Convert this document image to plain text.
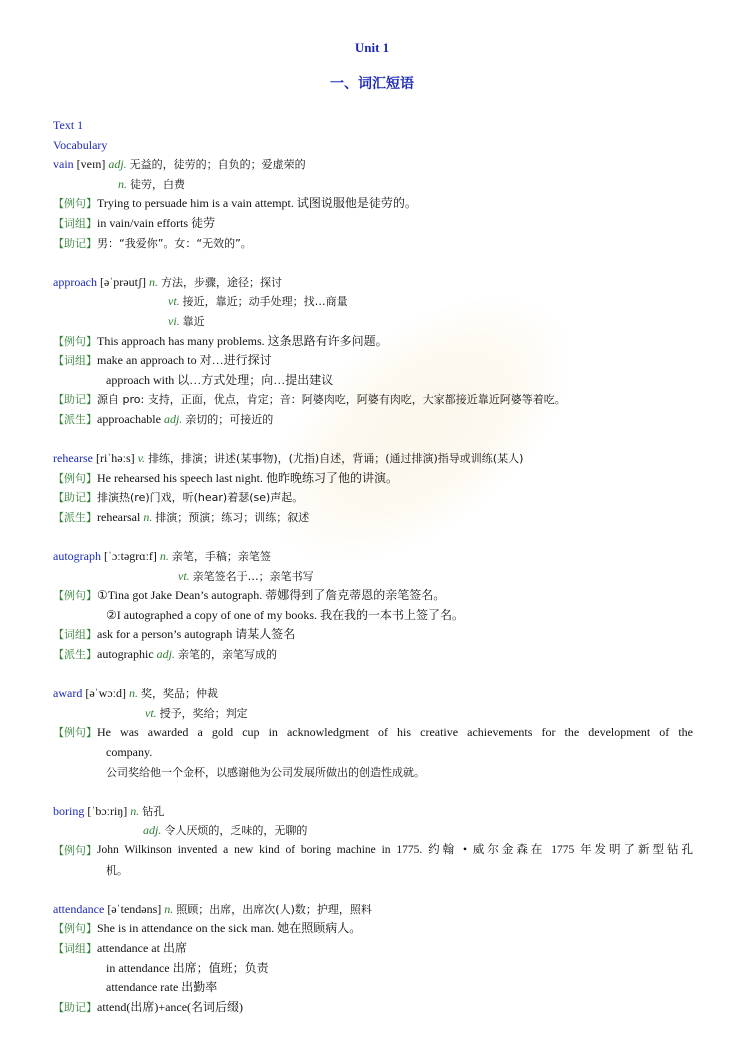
Unit 1
一、词汇短语
Text 1
Vocabulary
vain [veɪn] adj. 无益的，徒劳的；自负的；爱虚荣的
n. 徒劳，白费
【例句】Trying to persuade him is a vain attempt. 试图说服他是徒劳的。
【词组】in vain/vain efforts 徒劳
【助记】男：“我爱你”。女：“无效的”。
approach [əˈprəutʃ] n. 方法，步骤，途径；探讨
vt. 接近，靠近；动手处理；找…商量
vi. 靠近
【例句】This approach has many problems. 这条思路有许多问题。
【词组】make an approach to 对…进行探讨
approach with 以…方式处理；向…提出建议
【助记】源自 pro: 支持，正面，优点，肯定；音：阿婆肉吃，阿婆有肉吃，大家都接近靠近阿婆等着吃。
【派生】approachable adj. 亲切的；可接近的
rehearse [riˈhəːs] v. 排练，排演；讲述(某事物)，(尤指)自述，背诵；(通过排演)指导或训练(某人)
【例句】He rehearsed his speech last night. 他昨晚练习了他的讲演。
【助记】排演热(re)门戏，听(hear)着瑟(se)声起。
【派生】rehearsal n. 排演；预演；练习；训练；叙述
autograph [ˈɔːtəgrɑːf] n. 亲笔，手稿；亲笔签
vt. 亲笔签名于…；亲笔书写
【例句】①Tina got Jake Dean’s autograph. 蒂娜得到了詹克蒂恩的亲笔签名。
②I autographed a copy of one of my books. 我在我的一本书上签了名。
【词组】ask for a person’s autograph 请某人签名
【派生】autographic adj. 亲笔的，亲笔写成的
award [əˈwɔːd] n. 奖，奖品；仲裁
vt. 授予，奖给；判定
【例句】 He was awarded a gold cup in acknowledgment of his creative achievements for the development of the
company.
公司奖给他一个金杯，以感谢他为公司发展所做出的创造性成就。
boring [ˈbɔːriŋ] n. 钻孔
adj. 令人厌烦的，乏味的，无聊的
【例句】 John Wilkinson invented a new kind of boring machine in 1775. 约翰 • 威尔金森在 1775 年发明了新型钻孔
机。
attendance [əˈtendəns] n. 照顾；出席，出席次(人)数；护理，照料
【例句】She is in attendance on the sick man. 她在照顾病人。
【词组】attendance at 出席
in attendance 出席；值班；负责
attendance rate 出勤率
【助记】attend(出席)+ance(名词后缀)
